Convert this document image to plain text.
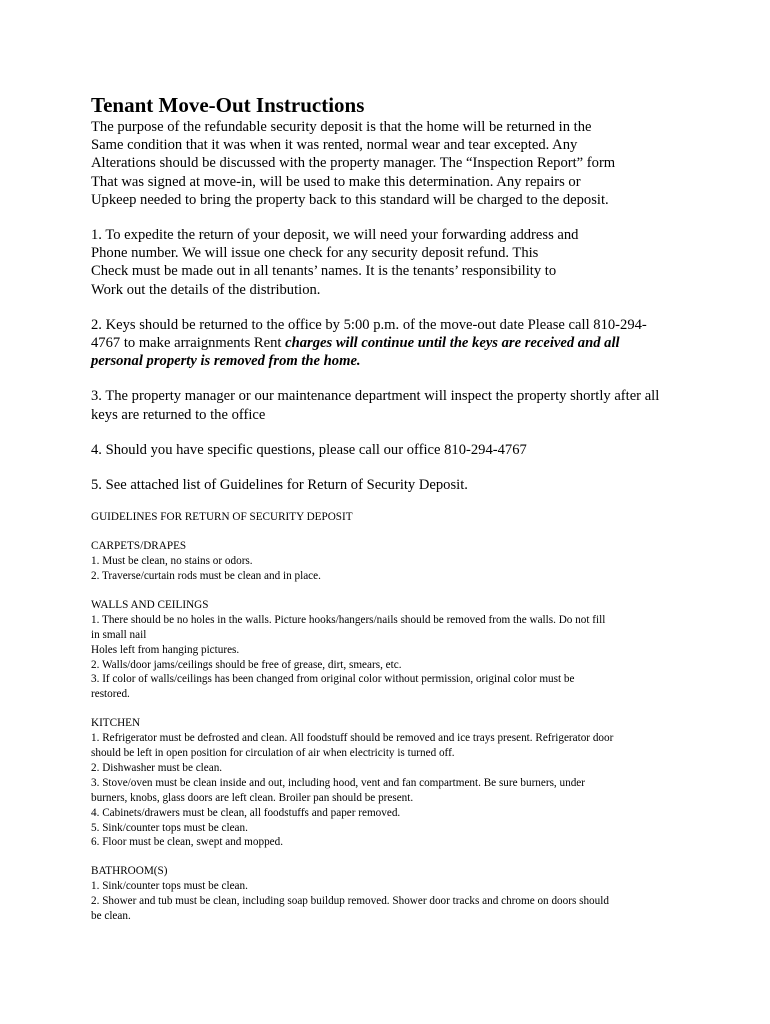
Tenant Move-Out Instructions

The purpose of the refundable security deposit is that the home will be returned in the
Same condition that it was when it was rented, normal wear and tear excepted. Any
Alterations should be discussed with the property manager. The “Inspection Report” form
That was signed at move-in, will be used to make this determination. Any repairs or
Upkeep needed to bring the property back to this standard will be charged to the deposit.

1. To expedite the return of your deposit, we will need your forwarding address and
Phone number. We will issue one check for any security deposit refund. This
Check must be made out in all tenants’ names. It is the tenants’ responsibility to
Work out the details of the distribution.

2. Keys should be returned to the office by 5:00 p.m. of the move-out date Please call 810-294-
4767 to make arraignments Rent charges will continue until the keys are received and all
personal property is removed from the home.

3. The property manager or our maintenance department will inspect the property shortly after all
keys are returned to the office

4. Should you have specific questions, please call our office 810-294-4767

5. See attached list of Guidelines for Return of Security Deposit.

GUIDELINES FOR RETURN OF SECURITY DEPOSIT

CARPETS/DRAPES
1. Must be clean, no stains or odors.
2. Traverse/curtain rods must be clean and in place.

WALLS AND CEILINGS
1. There should be no holes in the walls. Picture hooks/hangers/nails should be removed from the walls. Do not fill
in small nail
Holes left from hanging pictures.
2. Walls/door jams/ceilings should be free of grease, dirt, smears, etc.
3. If color of walls/ceilings has been changed from original color without permission, original color must be
restored.

KITCHEN
1. Refrigerator must be defrosted and clean. All foodstuff should be removed and ice trays present. Refrigerator door
should be left in open position for circulation of air when electricity is turned off.
2. Dishwasher must be clean.
3. Stove/oven must be clean inside and out, including hood, vent and fan compartment. Be sure burners, under
burners, knobs, glass doors are left clean. Broiler pan should be present.
4. Cabinets/drawers must be clean, all foodstuffs and paper removed.
5. Sink/counter tops must be clean.
6. Floor must be clean, swept and mopped.

BATHROOM(S)
1. Sink/counter tops must be clean.
2. Shower and tub must be clean, including soap buildup removed. Shower door tracks and chrome on doors should
be clean.
